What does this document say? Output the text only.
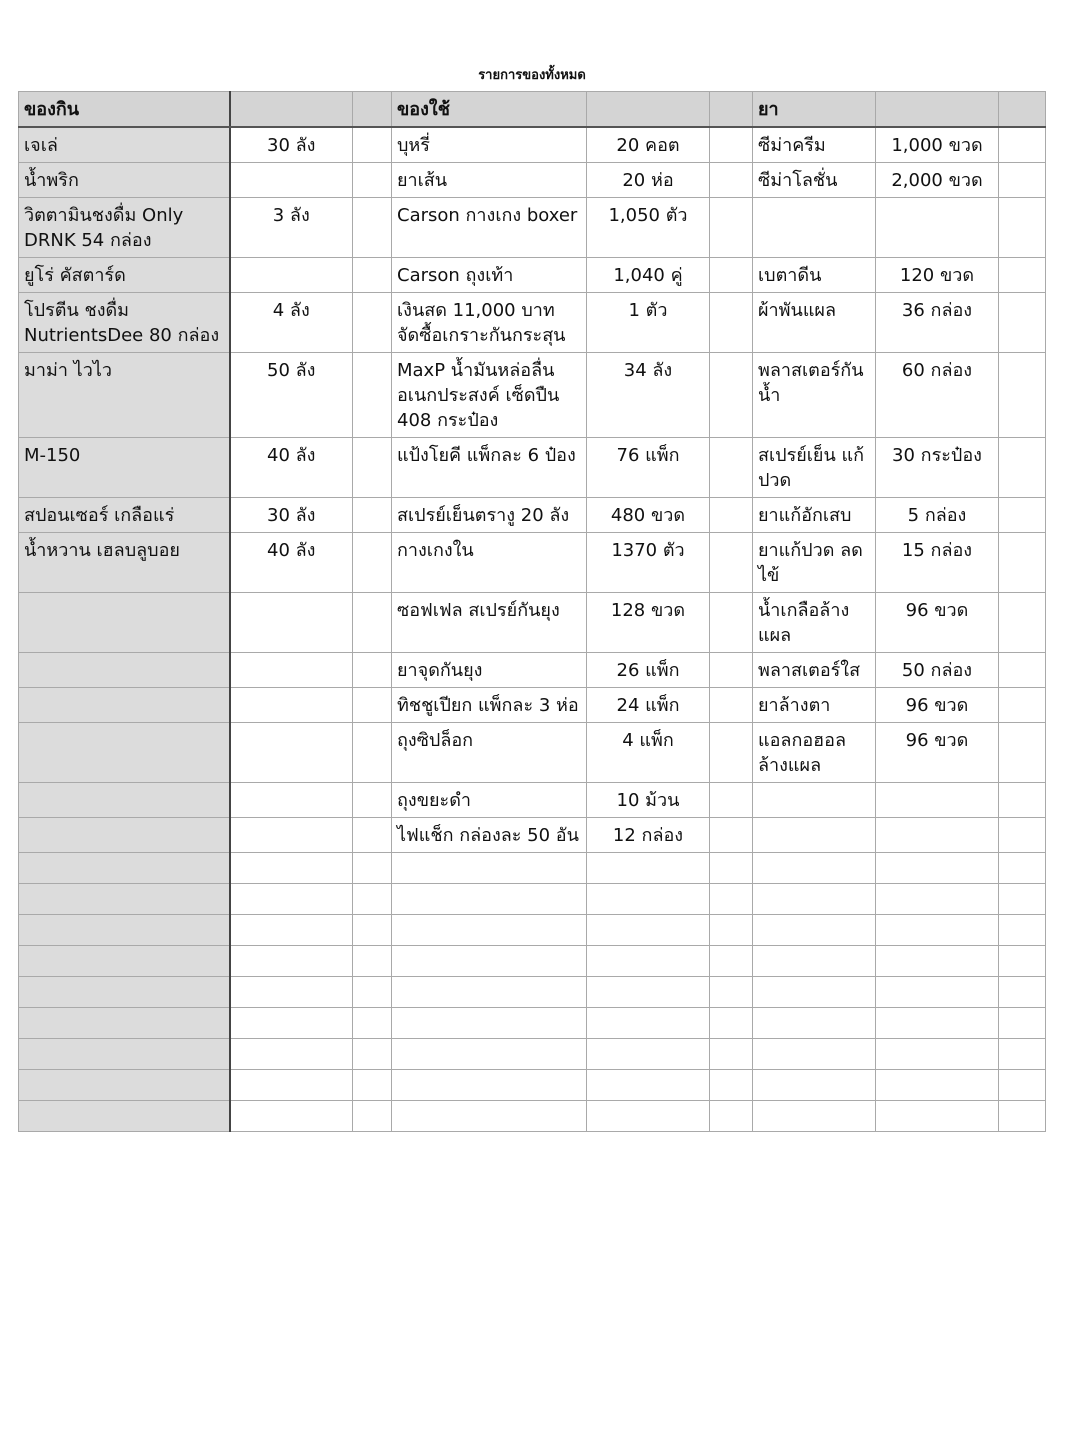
รายการของทั้งหมด
ของกิน			ของใช้			ยา		
เจเล่	30 ลัง		บุหรี่	20 คอต		ซีม่าครีม	1,000 ขวด	
น้ำพริก			ยาเส้น	20 ห่อ		ซีม่าโลชั่น	2,000 ขวด	
วิตตามินชงดื่ม Only DRNK 54 กล่อง	3 ลัง		Carson กางเกง boxer	1,050 ตัว				
ยูโร่ คัสตาร์ด			Carson ถุงเท้า	1,040 คู่		เบตาดีน	120 ขวด	
โปรตีน ชงดื่ม NutrientsDee 80 กล่อง	4 ลัง		เงินสด 11,000 บาท จัดซื้อเกราะกันกระสุน	1 ตัว		ผ้าพันแผล	36 กล่อง	
มาม่า ไวไว	50 ลัง		MaxP น้ำมันหล่อลื่นอเนกประสงค์ เซ็ดปืน 408 กระป๋อง	34 ลัง		พลาสเตอร์กันน้ำ	60 กล่อง	
M-150	40 ลัง		แป้งโยคี แพ็กละ 6 ป๋อง	76 แพ็ก		สเปรย์เย็น แก้ปวด	30 กระป๋อง	
สปอนเซอร์ เกลือแร่	30 ลัง		สเปรย์เย็นตรางู 20 ลัง	480 ขวด		ยาแก้อักเสบ	5 กล่อง	
น้ำหวาน เฮลบลูบอย	40 ลัง		กางเกงใน	1370 ตัว		ยาแก้ปวด ลดไข้	15 กล่อง	
			ซอฟเฟล สเปรย์กันยุง	128 ขวด		น้ำเกลือล้างแผล	96 ขวด	
			ยาจุดกันยุง	26 แพ็ก		พลาสเตอร์ใส	50 กล่อง	
			ทิชชูเปียก แพ็กละ 3 ห่อ	24 แพ็ก		ยาล้างตา	96 ขวด	
			ถุงซิปล็อก	4 แพ็ก		แอลกอฮอล ล้างแผล	96 ขวด	
			ถุงขยะดำ	10 ม้วน				
			ไฟแช็ก กล่องละ 50 อัน	12 กล่อง				
